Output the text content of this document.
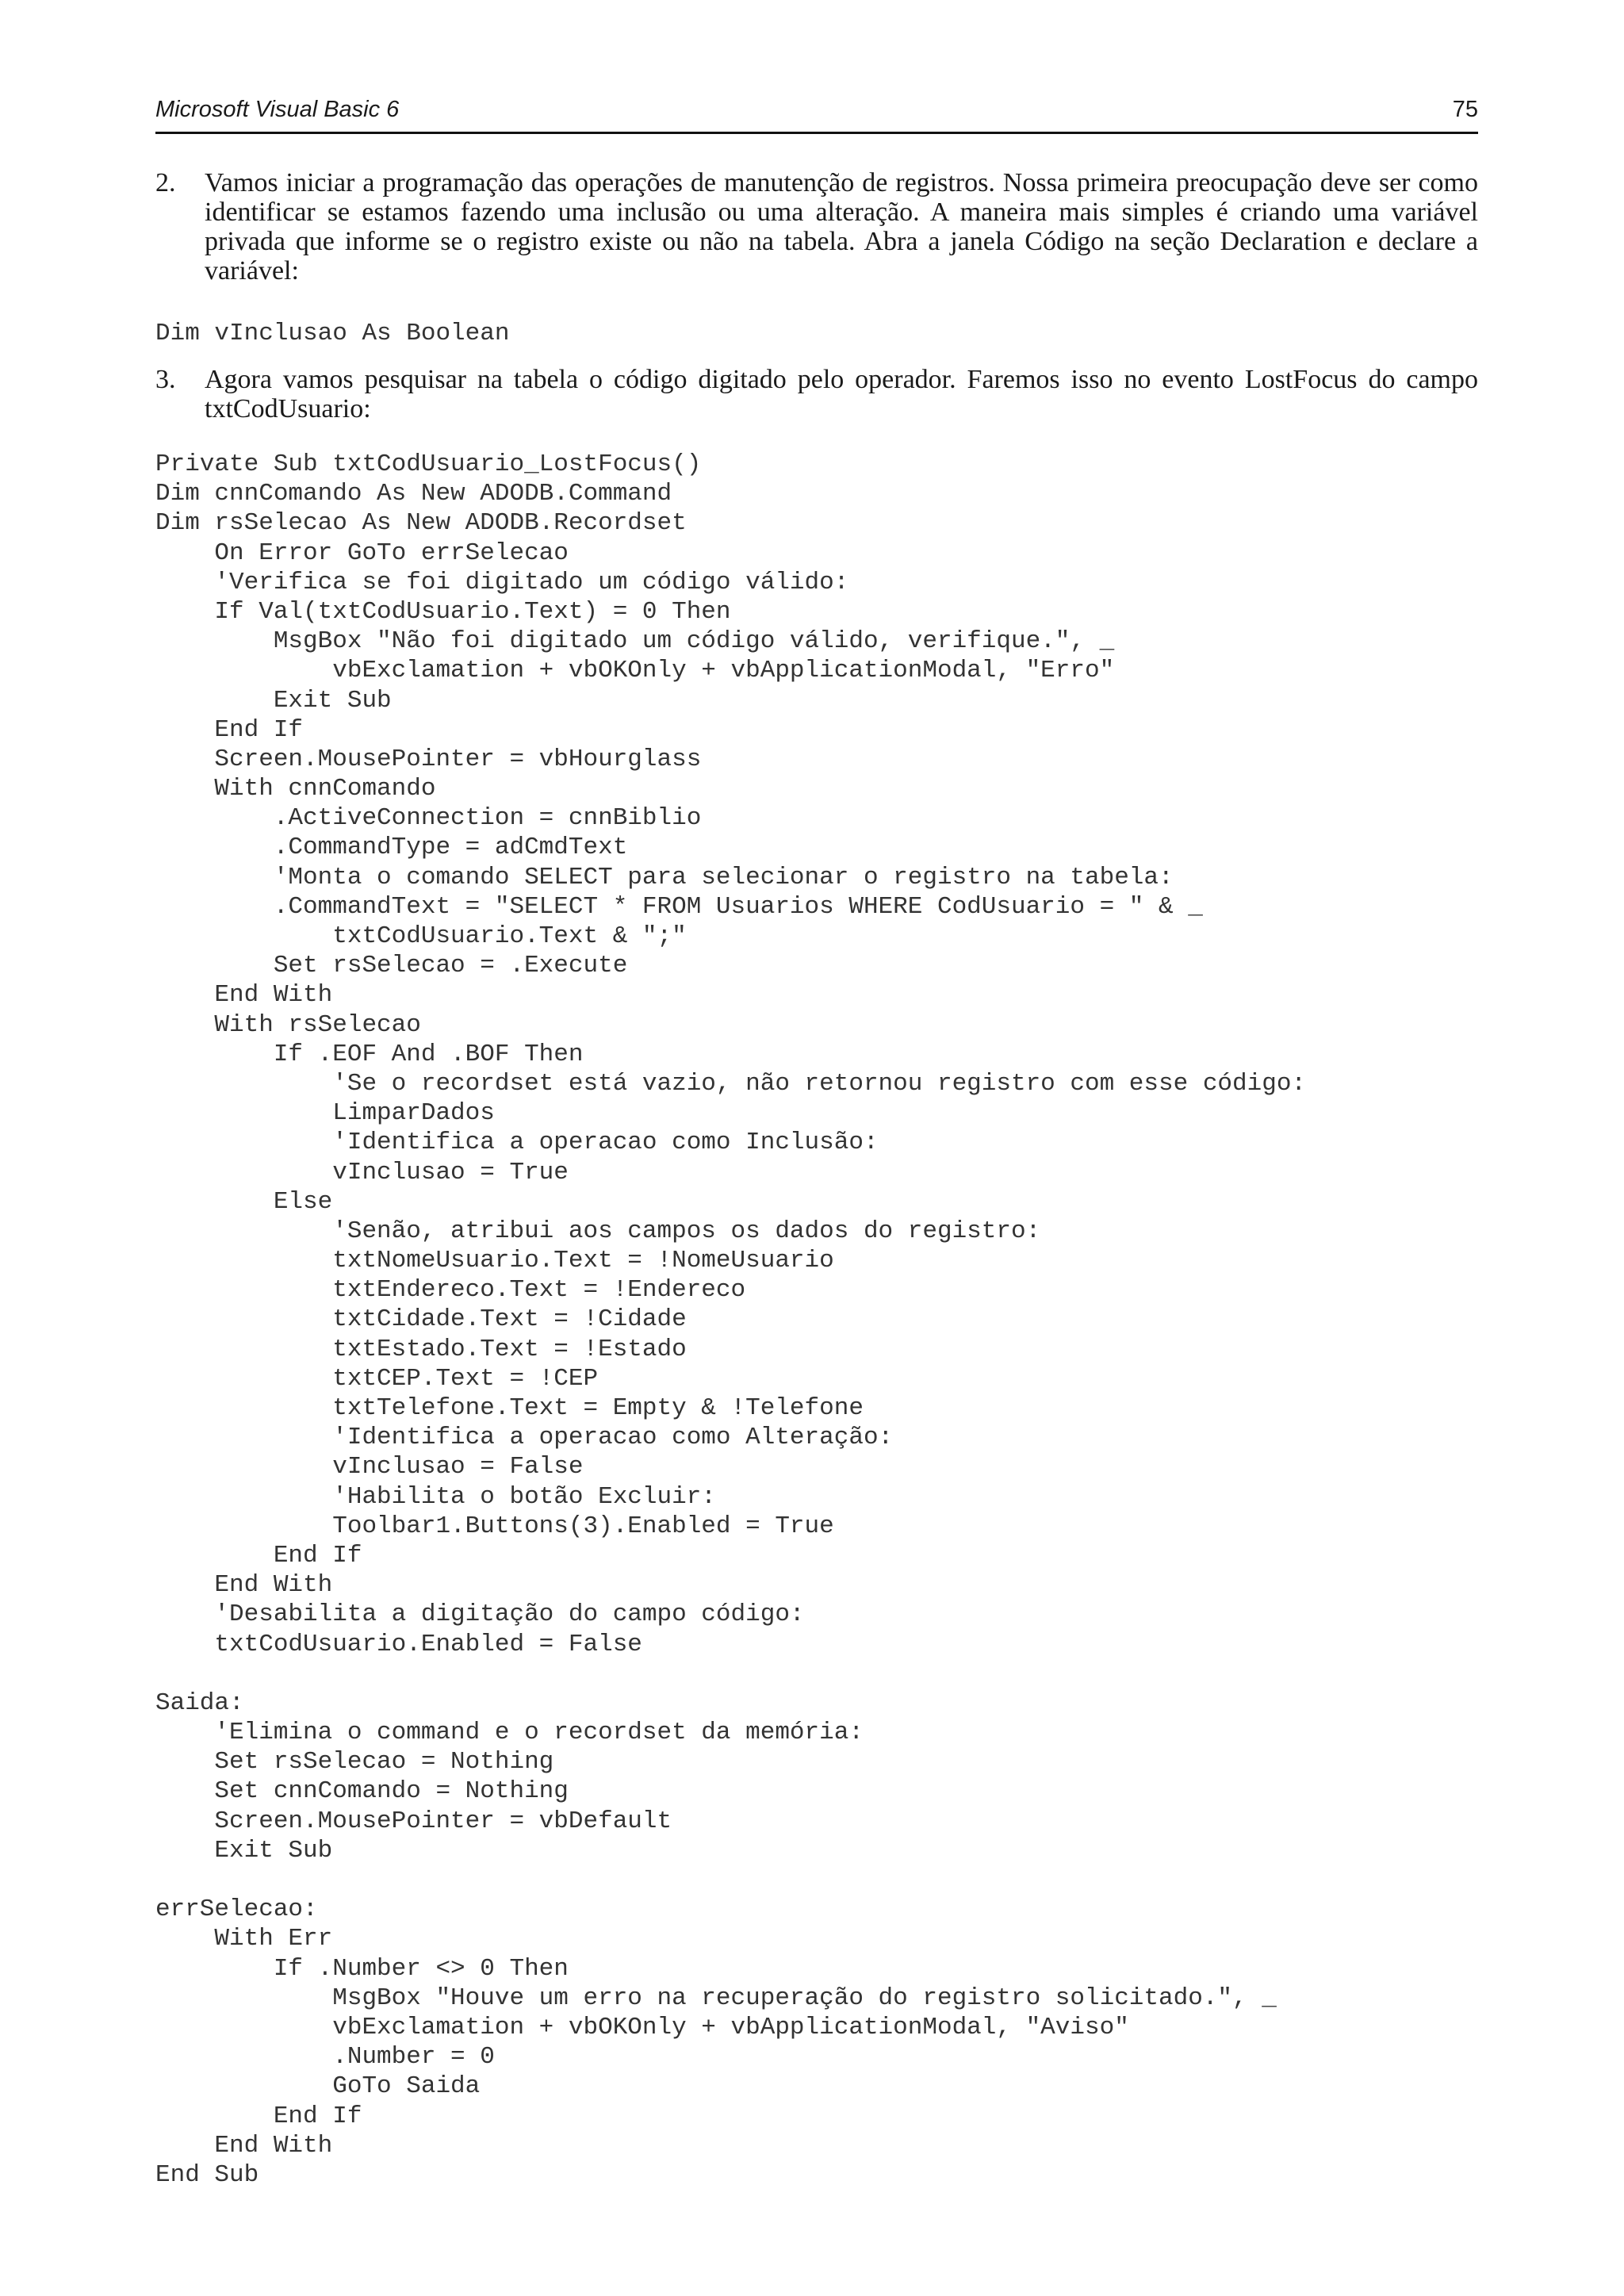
Microsoft Visual Basic 6	75
2. Vamos iniciar a programação das operações de manutenção de registros. Nossa primeira preocupação deve ser como identificar se estamos fazendo uma inclusão ou uma alteração. A maneira mais simples é criando uma variável privada que informe se o registro existe ou não na tabela. Abra a janela Código na seção Declaration e declare a variável:
Dim vInclusao As Boolean
3. Agora vamos pesquisar na tabela o código digitado pelo operador. Faremos isso no evento LostFocus do campo txtCodUsuario:
Private Sub txtCodUsuario_LostFocus()
Dim cnnComando As New ADODB.Command
Dim rsSelecao As New ADODB.Recordset
On Error GoTo errSelecao
'Verifica se foi digitado um código válido:
If Val(txtCodUsuario.Text) = 0 Then
MsgBox "Não foi digitado um código válido, verifique.", _
vbExclamation + vbOKOnly + vbApplicationModal, "Erro"
Exit Sub
End If
Screen.MousePointer = vbHourglass
With cnnComando
.ActiveConnection = cnnBiblio
.CommandType = adCmdText
'Monta o comando SELECT para selecionar o registro na tabela:
.CommandText = "SELECT * FROM Usuarios WHERE CodUsuario = " & _
txtCodUsuario.Text & ";"
Set rsSelecao = .Execute
End With
With rsSelecao
If .EOF And .BOF Then
'Se o recordset está vazio, não retornou registro com esse código:
LimparDados
'Identifica a operacao como Inclusão:
vInclusao = True
Else
'Senão, atribui aos campos os dados do registro:
txtNomeUsuario.Text = !NomeUsuario
txtEndereco.Text = !Endereco
txtCidade.Text = !Cidade
txtEstado.Text = !Estado
txtCEP.Text = !CEP
txtTelefone.Text = Empty & !Telefone
'Identifica a operacao como Alteração:
vInclusao = False
'Habilita o botão Excluir:
Toolbar1.Buttons(3).Enabled = True
End If
End With
'Desabilita a digitação do campo código:
txtCodUsuario.Enabled = False
Saida:
'Elimina o command e o recordset da memória:
Set rsSelecao = Nothing
Set cnnComando = Nothing
Screen.MousePointer = vbDefault
Exit Sub
errSelecao:
With Err
If .Number <> 0 Then
MsgBox "Houve um erro na recuperação do registro solicitado.", _
vbExclamation + vbOKOnly + vbApplicationModal, "Aviso"
.Number = 0
GoTo Saida
End If
End With
End Sub
